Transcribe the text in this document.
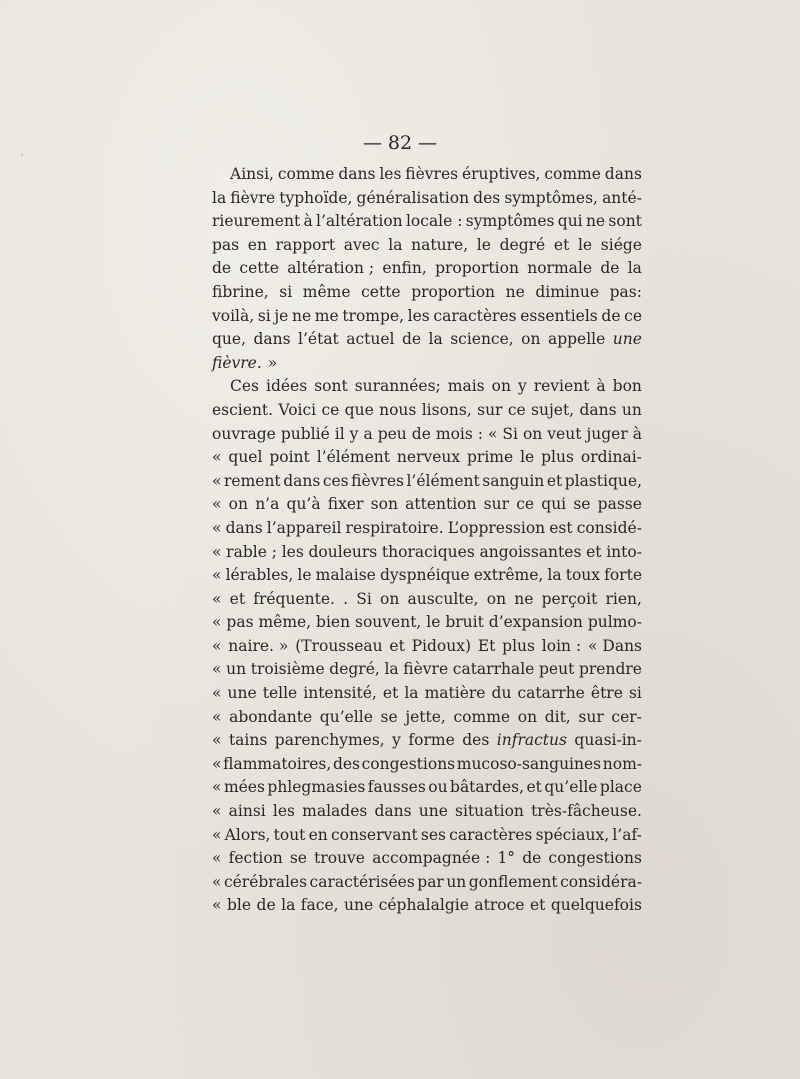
— 82 —
Ainsi, comme dans les fièvres éruptives, comme dans
la fièvre typhoïde, généralisation des symptômes, anté-
rieurement à l’altération locale : symptômes qui ne sont
pas en rapport avec la nature, le degré et le siége
de cette altération ; enfin, proportion normale de la
fibrine, si même cette proportion ne diminue pas:
voilà, si je ne me trompe, les caractères essentiels de ce
que, dans l’état actuel de la science, on appelle une
fièvre. »
Ces idées sont surannées; mais on y revient à bon
escient. Voici ce que nous lisons, sur ce sujet, dans un
ouvrage publié il y a peu de mois : « Si on veut juger à
« quel point l’élément nerveux prime le plus ordinai-
« rement dans ces fièvres l’élément sanguin et plastique,
« on n’a qu’à fixer son attention sur ce qui se passe
« dans l’appareil respiratoire. L’oppression est considé-
« rable ; les douleurs thoraciques angoissantes et into-
« lérables, le malaise dyspnéique extrême, la toux forte
« et fréquente. . Si on ausculte, on ne perçoit rien,
« pas même, bien souvent, le bruit d’expansion pulmo-
« naire. » (Trousseau et Pidoux) Et plus loin : « Dans
« un troisième degré, la fièvre catarrhale peut prendre
« une telle intensité, et la matière du catarrhe être si
« abondante qu’elle se jette, comme on dit, sur cer-
« tains parenchymes, y forme des infractus quasi-in-
« flammatoires, des congestions mucoso-sanguines nom-
« mées phlegmasies fausses ou bâtardes, et qu’elle place
« ainsi les malades dans une situation très-fâcheuse.
« Alors, tout en conservant ses caractères spéciaux, l’af-
« fection se trouve accompagnée : 1° de congestions
« cérébrales caractérisées par un gonflement considéra-
« ble de la face, une céphalalgie atroce et quelquefois
·
